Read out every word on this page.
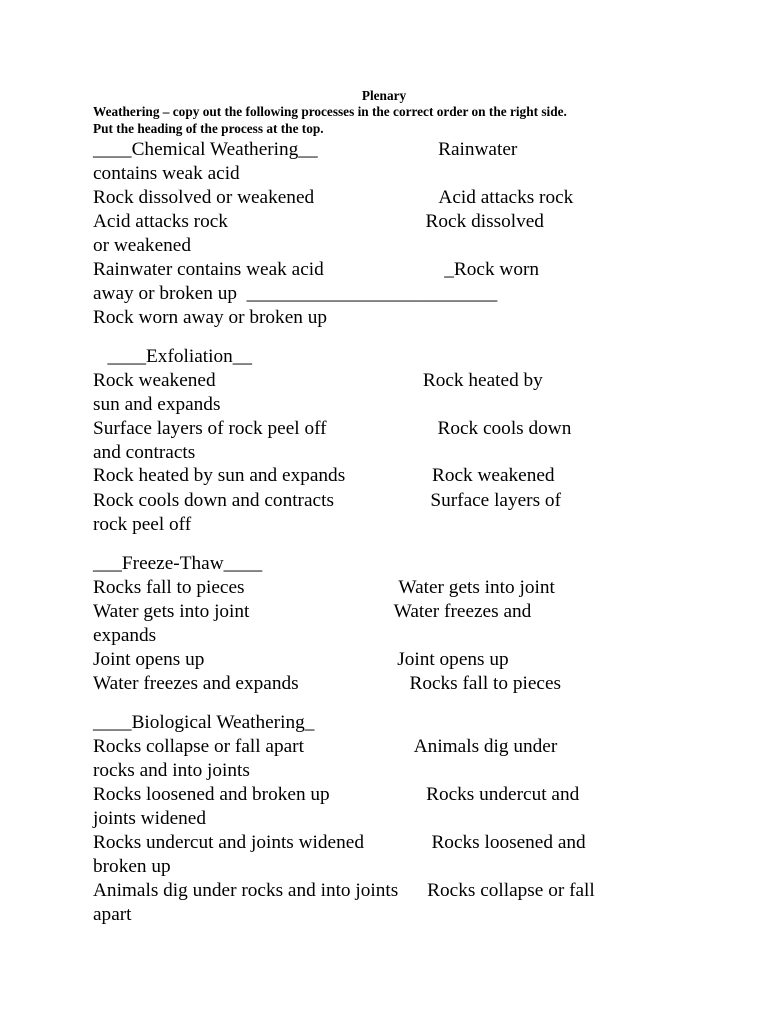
Plenary
Weathering – copy out the following processes in the correct order on the right side.
Put the heading of the process at the top.
____Chemical Weathering__                         Rainwater
contains weak acid
Rock dissolved or weakened                          Acid attacks rock
Acid attacks rock                                         Rock dissolved
or weakened
Rainwater contains weak acid                         _Rock worn
away or broken up  __________________________
Rock worn away or broken up
____Exfoliation__
Rock weakened                                           Rock heated by
sun and expands
Surface layers of rock peel off                       Rock cools down
and contracts
Rock heated by sun and expands                  Rock weakened
Rock cools down and contracts                    Surface layers of
rock peel off
___Freeze-Thaw____
Rocks fall to pieces                                Water gets into joint
Water gets into joint                              Water freezes and
expands
Joint opens up                                        Joint opens up
Water freezes and expands                       Rocks fall to pieces
____Biological Weathering_
Rocks collapse or fall apart                       Animals dig under
rocks and into joints
Rocks loosened and broken up                    Rocks undercut and
joints widened
Rocks undercut and joints widened              Rocks loosened and
broken up
Animals dig under rocks and into joints      Rocks collapse or fall
apart
